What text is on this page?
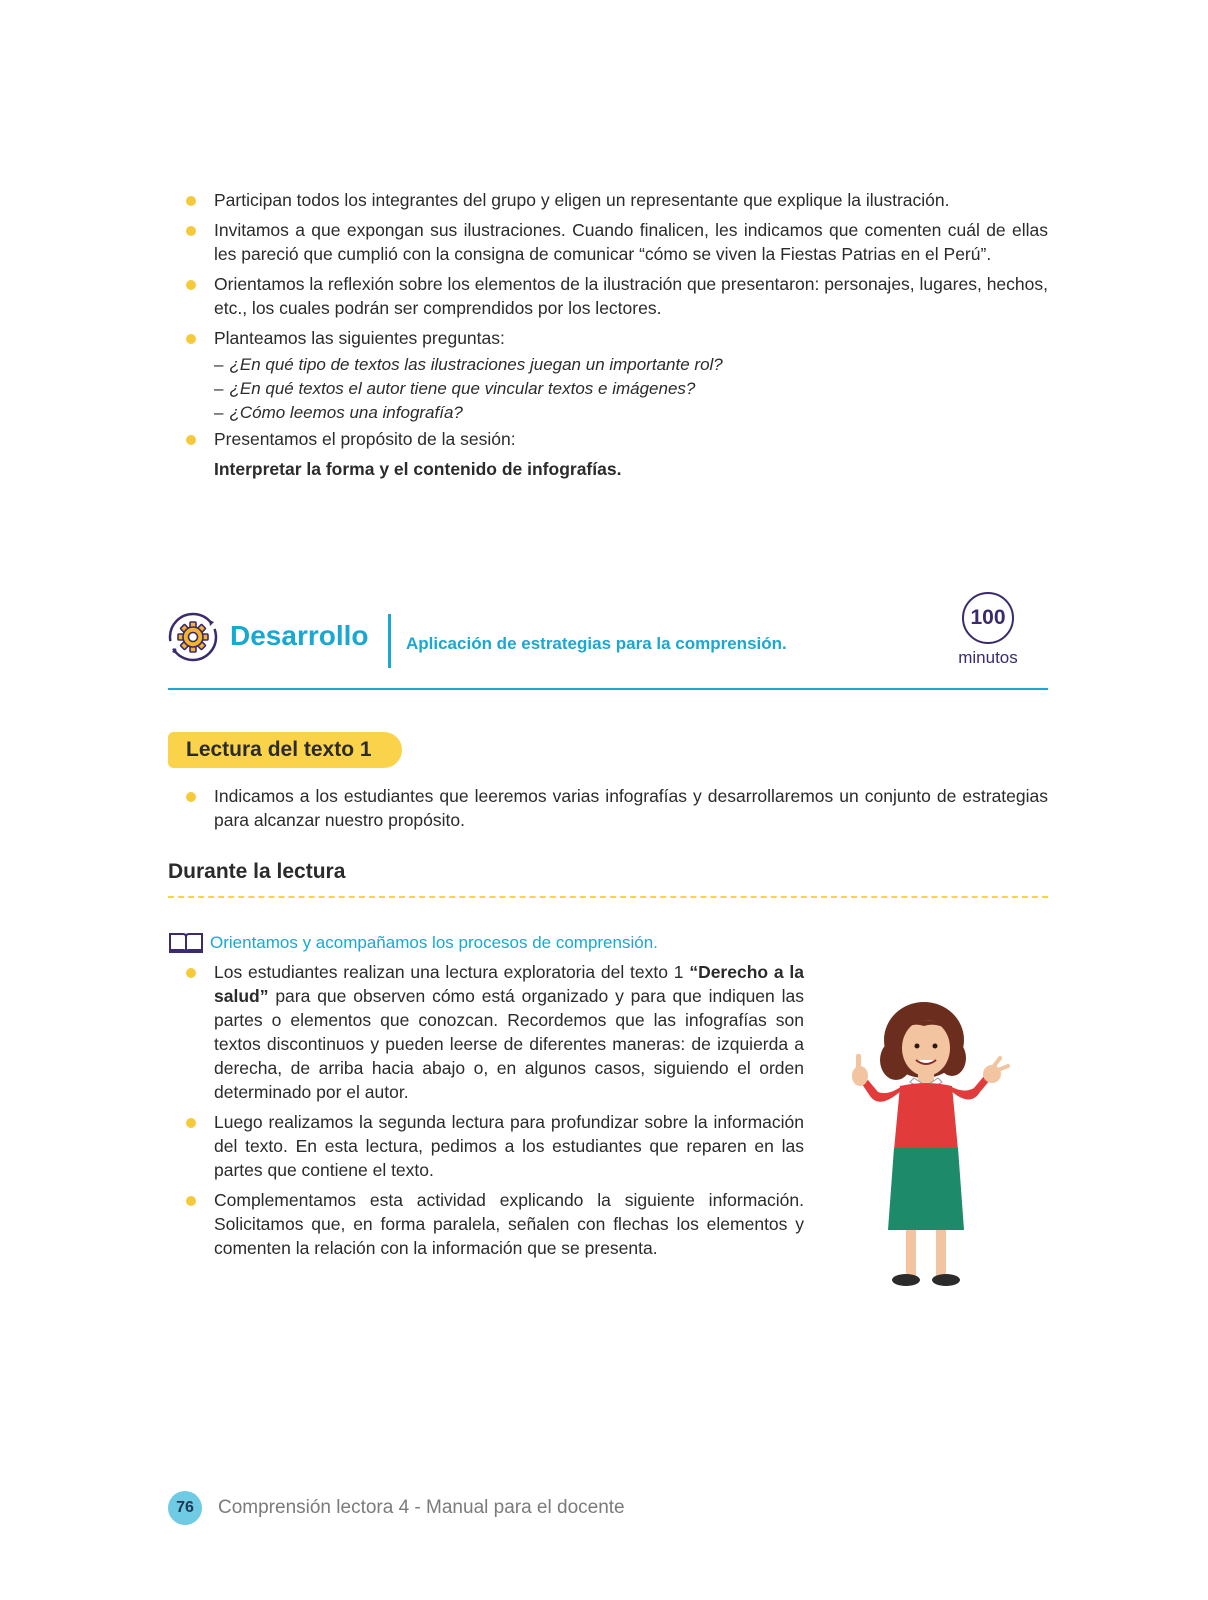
Participan todos los integrantes del grupo y eligen un representante que explique la ilustración.
Invitamos a que expongan sus ilustraciones. Cuando finalicen, les indicamos que comenten cuál de ellas les pareció que cumplió con la consigna de comunicar “cómo se viven la Fiestas Patrias en el Perú”.
Orientamos la reflexión sobre los elementos de la ilustración que presentaron: personajes, lugares, hechos, etc., los cuales podrán ser comprendidos por los lectores.
Planteamos las siguientes preguntas:
– ¿En qué tipo de textos las ilustraciones juegan un importante rol?
– ¿En qué textos el autor tiene que vincular textos e imágenes?
– ¿Cómo leemos una infografía?
Presentamos el propósito de la sesión:
Interpretar la forma y el contenido de infografías.
Desarrollo Aplicación de estrategias para la comprensión.
100
minutos
Lectura del texto 1
Indicamos a los estudiantes que leeremos varias infografías y desarrollaremos un conjunto de estrategias para alcanzar nuestro propósito.
Durante la lectura
Orientamos y acompañamos los procesos de comprensión.
Los estudiantes realizan una lectura exploratoria del texto 1 “Derecho a la salud” para que observen cómo está organizado y para que indiquen las partes o elementos que conozcan. Recordemos que las infografías son textos discontinuos y pueden leerse de diferentes maneras: de izquierda a derecha, de arriba hacia abajo o, en algunos casos, siguiendo el orden determinado por el autor.
Luego realizamos la segunda lectura para profundizar sobre la información del texto. En esta lectura, pedimos a los estudiantes que reparen en las partes que contiene el texto.
Complementamos esta actividad explicando la siguiente información. Solicitamos que, en forma paralela, señalen con flechas los elementos y comenten la relación con la información que se presenta.
76	Comprensión lectora 4 - Manual para el docente
